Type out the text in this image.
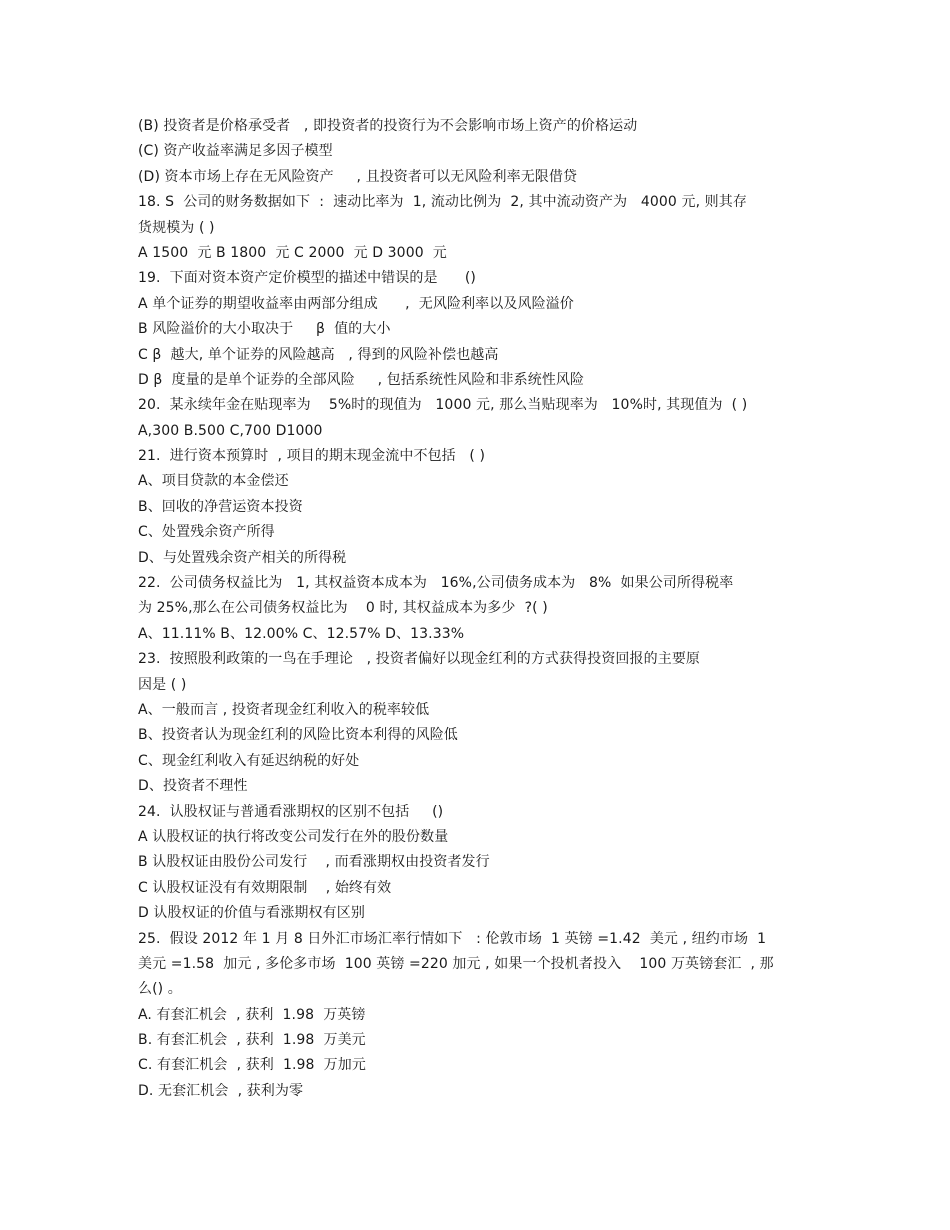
(B) 投资者是价格承受者   , 即投资者的投资行为不会影响市场上资产的价格运动
(C) 资产收益率满足多因子模型
(D) 资本市场上存在无风险资产     , 且投资者可以无风险利率无限借贷
18. S  公司的财务数据如下  :  速动比率为  1, 流动比例为  2, 其中流动资产为   4000 元, 则其存
货规模为 ( )
A 1500  元 B 1800  元 C 2000  元 D 3000  元
19.  下面对资本资产定价模型的描述中错误的是      ()
A 单个证券的期望收益率由两部分组成      ,  无风险利率以及风险溢价
B 风险溢价的大小取决于     β  值的大小
C β  越大, 单个证券的风险越高   , 得到的风险补偿也越高
D β  度量的是单个证券的全部风险     , 包括系统性风险和非系统性风险
20.  某永续年金在贴现率为    5%时的现值为   1000 元, 那么当贴现率为   10%时, 其现值为  ( )
A,300 B.500 C,700 D1000
21.  进行资本预算时  , 项目的期末现金流中不包括   ( )
A、项目贷款的本金偿还
B、回收的净营运资本投资
C、处置残余资产所得
D、与处置残余资产相关的所得税
22.  公司债务权益比为   1, 其权益资本成本为   16%,公司债务成本为   8%  如果公司所得税率
为 25%,那么在公司债务权益比为    0 时, 其权益成本为多少  ?( )
A、11.11% B、12.00% C、12.57% D、13.33%
23.  按照股利政策的一鸟在手理论   , 投资者偏好以现金红利的方式获得投资回报的主要原
因是 ( )
A、一般而言 , 投资者现金红利收入的税率较低
B、投资者认为现金红利的风险比资本利得的风险低
C、现金红利收入有延迟纳税的好处
D、投资者不理性
24.  认股权证与普通看涨期权的区别不包括     ()
A 认股权证的执行将改变公司发行在外的股份数量
B 认股权证由股份公司发行    , 而看涨期权由投资者发行
C 认股权证没有有效期限制    , 始终有效
D 认股权证的价值与看涨期权有区别
25.  假设 2012 年 1 月 8 日外汇市场汇率行情如下   : 伦敦市场  1 英镑 =1.42  美元 , 纽约市场  1
美元 =1.58  加元 , 多伦多市场  100 英镑 =220 加元 , 如果一个投机者投入    100 万英镑套汇  , 那
么() 。
A. 有套汇机会  , 获利  1.98  万英镑
B. 有套汇机会  , 获利  1.98  万美元
C. 有套汇机会  , 获利  1.98  万加元
D. 无套汇机会  , 获利为零
